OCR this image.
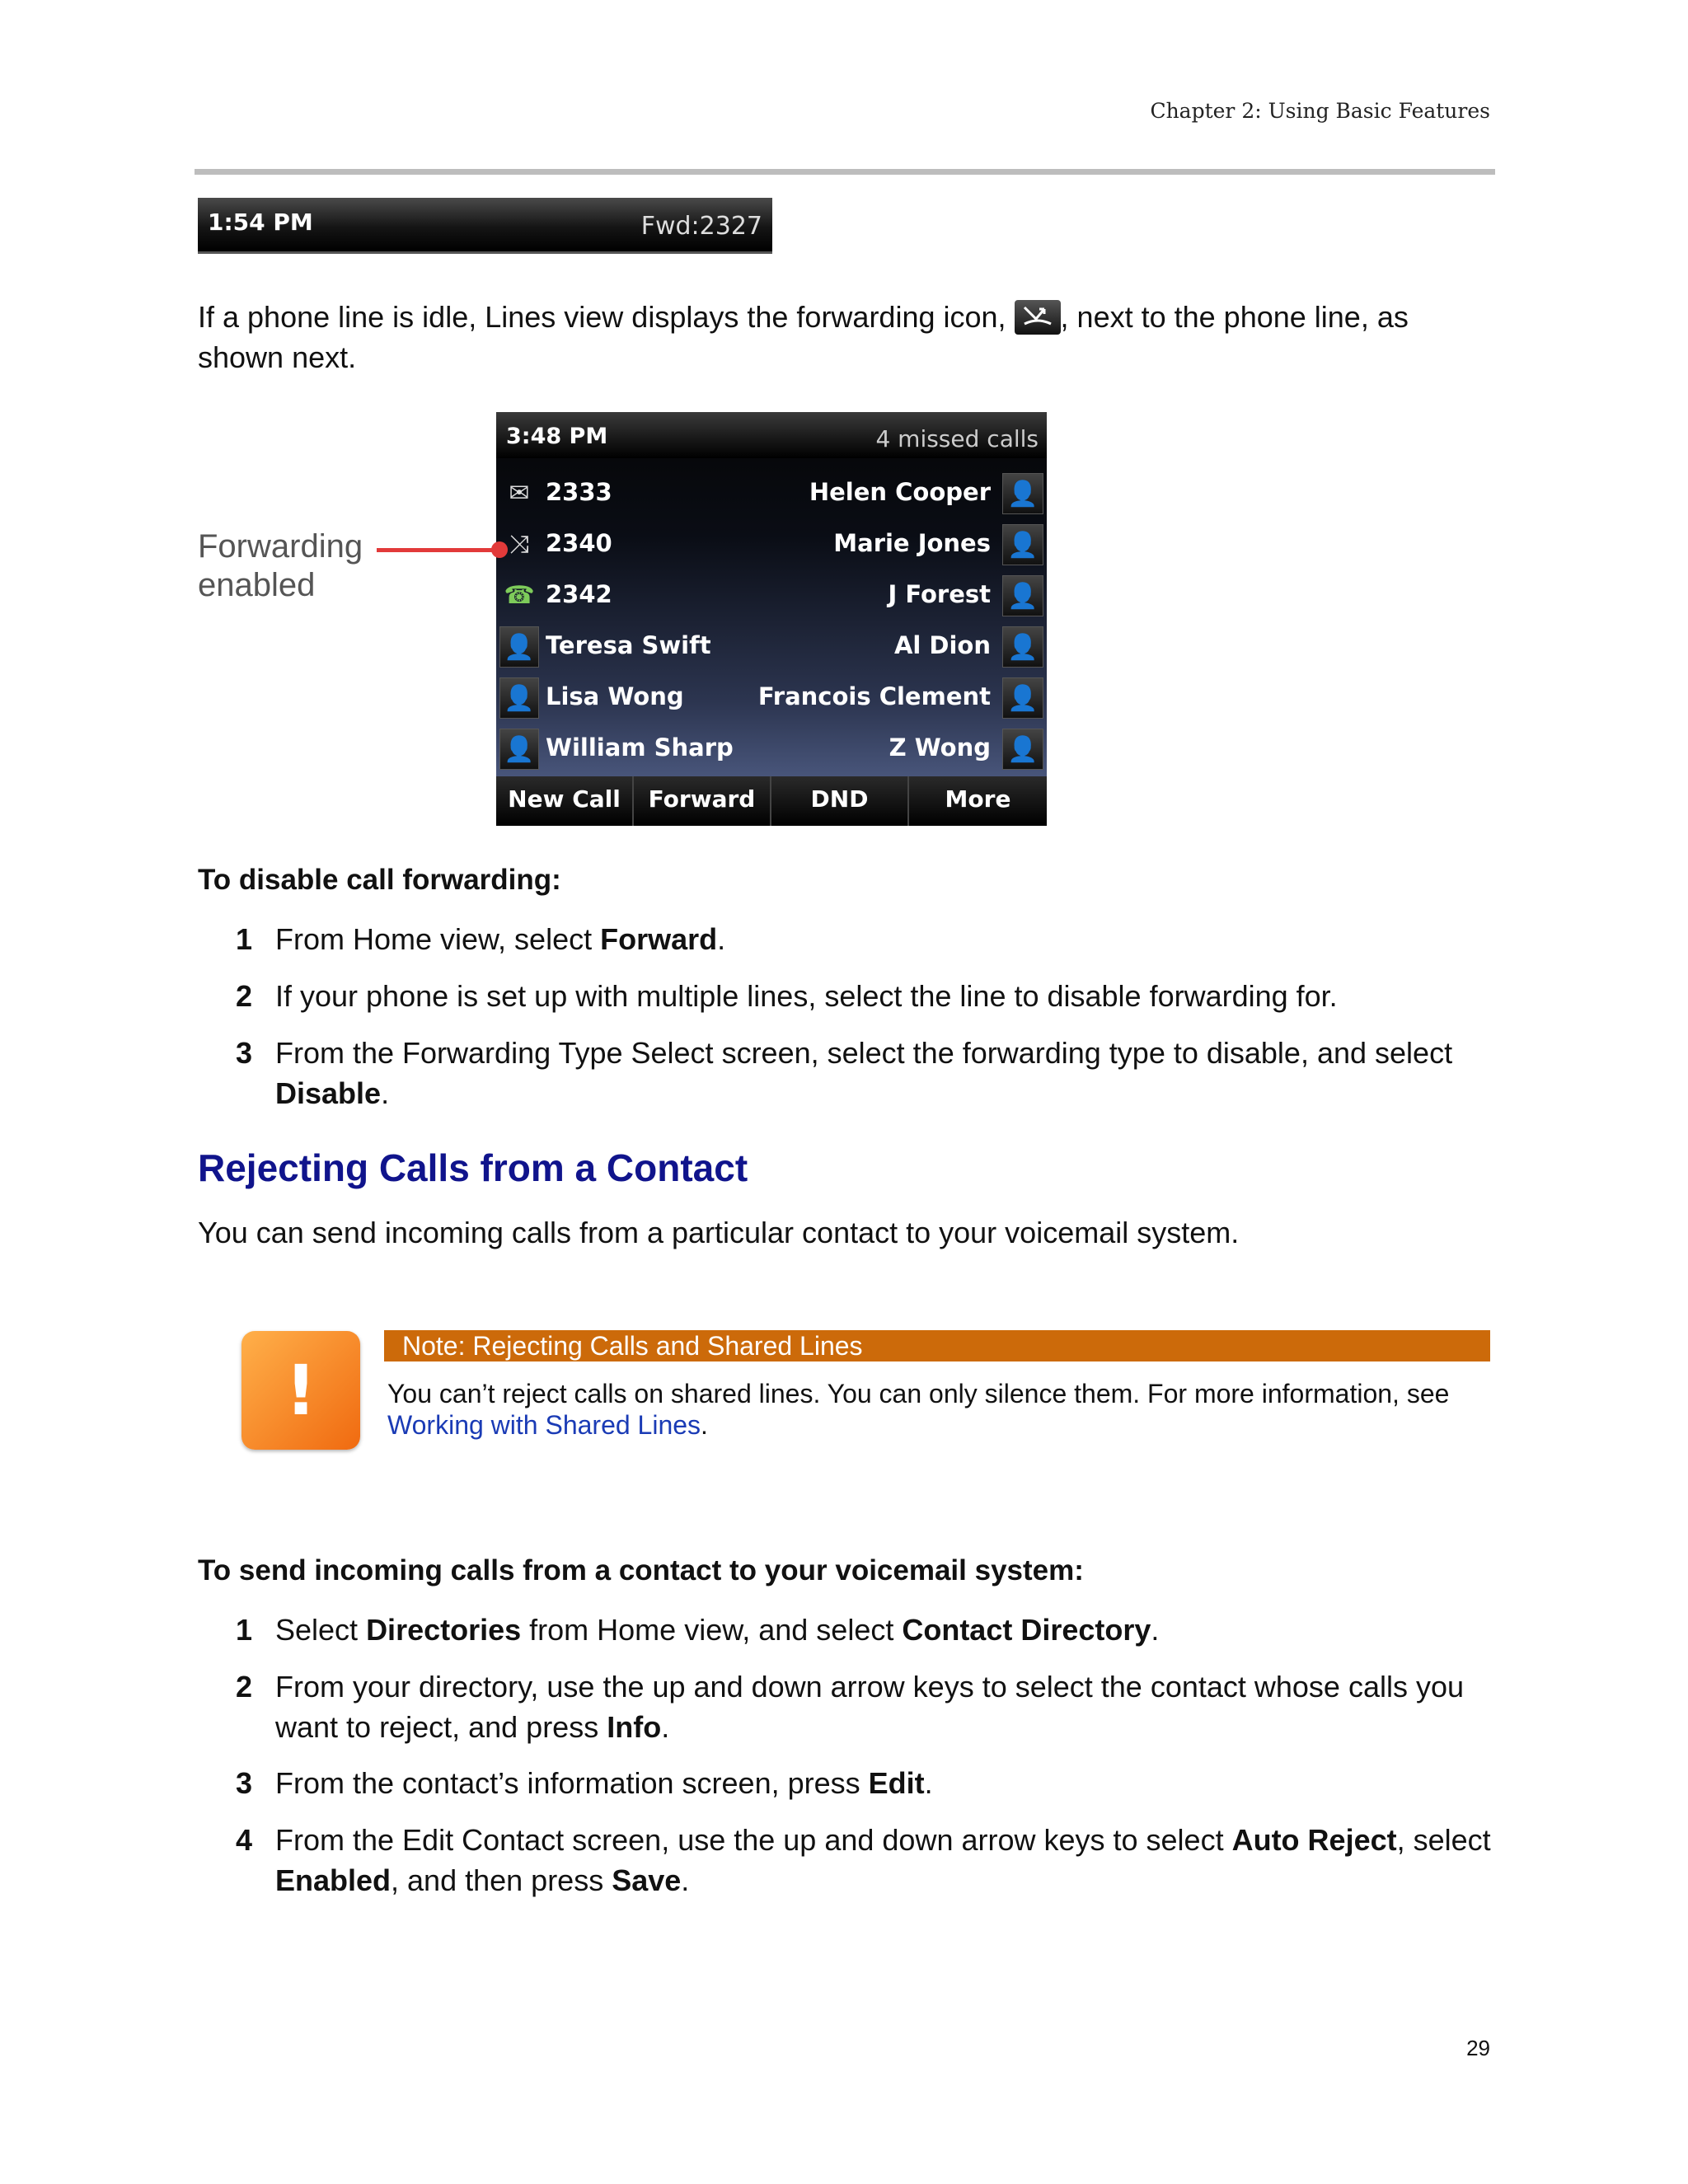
Chapter 2: Using Basic Features
1:54 PM	Fwd:2327
If a phone line is idle, Lines view displays the forwarding icon, , next to the phone line, as shown next.
Forwarding
enabled
3:48 PM	4 missed calls
✉ 2333	Helen Cooper 👤
⤨ 2340	Marie Jones 👤
☎ 2342	J Forest 👤
👤 Teresa Swift	Al Dion 👤
👤 Lisa Wong	Francois Clement 👤
👤 William Sharp	Z Wong 👤
New Call	Forward	DND	More
To disable call forwarding:
1 From Home view, select Forward.
2 If your phone is set up with multiple lines, select the line to disable forwarding for.
3 From the Forwarding Type Select screen, select the forwarding type to disable, and select Disable.
Rejecting Calls from a Contact
You can send incoming calls from a particular contact to your voicemail system.
!
Note: Rejecting Calls and Shared Lines
You can’t reject calls on shared lines. You can only silence them. For more information, see Working with Shared Lines.
To send incoming calls from a contact to your voicemail system:
1 Select Directories from Home view, and select Contact Directory.
2 From your directory, use the up and down arrow keys to select the contact whose calls you want to reject, and press Info.
3 From the contact’s information screen, press Edit.
4 From the Edit Contact screen, use the up and down arrow keys to select Auto Reject, select Enabled, and then press Save.
29
